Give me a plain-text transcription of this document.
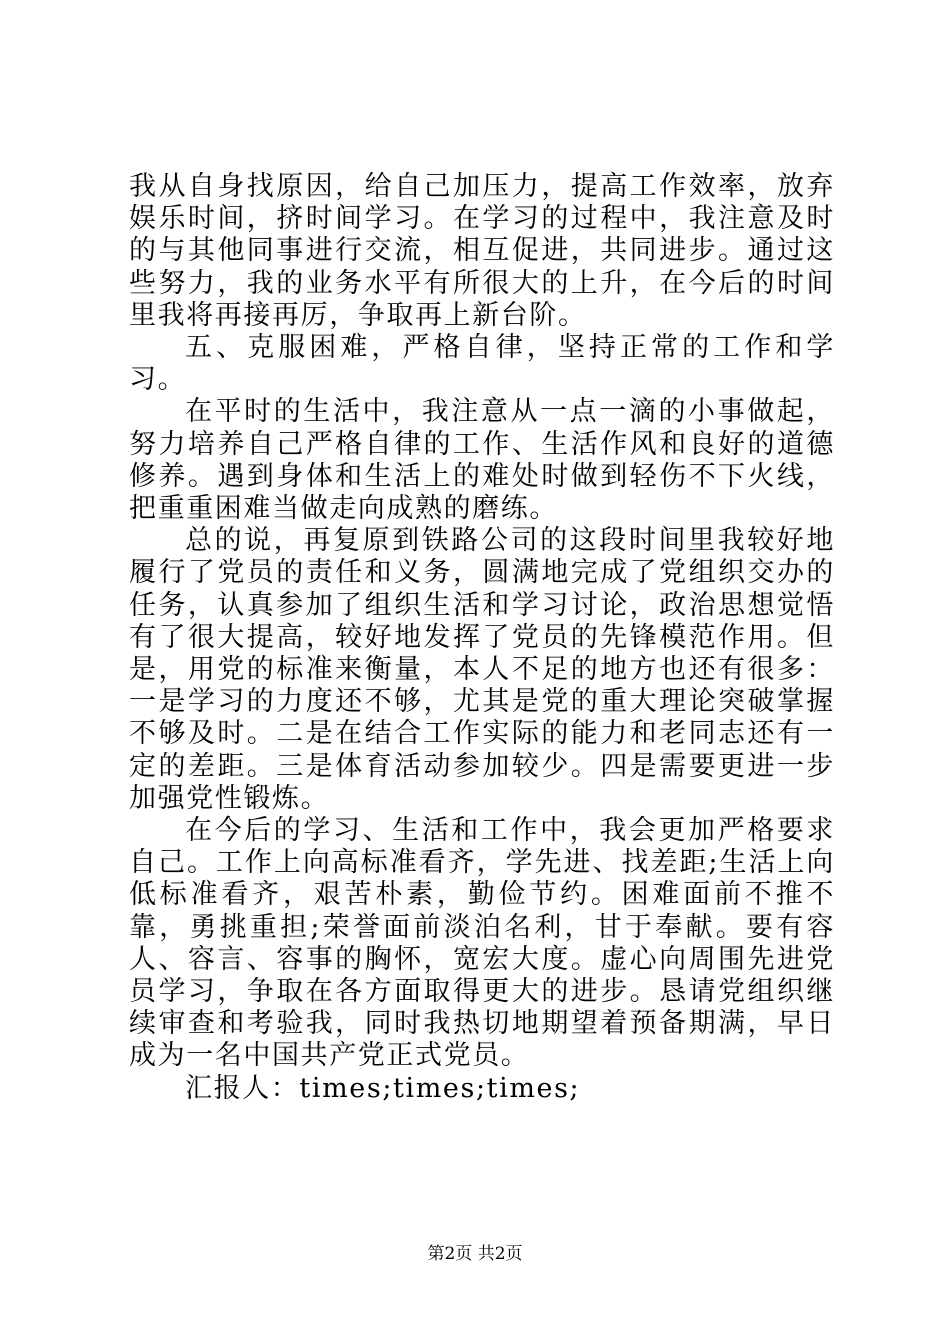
我从自身找原因，给自己加压力，提高工作效率，放弃娱乐时间，挤时间学习。在学习的过程中，我注意及时的与其他同事进行交流，相互促进，共同进步。通过这些努力，我的业务水平有所很大的上升，在今后的时间里我将再接再厉，争取再上新台阶。

五、克服困难，严格自律，坚持正常的工作和学习。

在平时的生活中，我注意从一点一滴的小事做起，努力培养自己严格自律的工作、生活作风和良好的道德修养。遇到身体和生活上的难处时做到轻伤不下火线，把重重困难当做走向成熟的磨练。

总的说，再复原到铁路公司的这段时间里我较好地履行了党员的责任和义务，圆满地完成了党组织交办的任务，认真参加了组织生活和学习讨论，政治思想觉悟有了很大提高，较好地发挥了党员的先锋模范作用。但是，用党的标准来衡量，本人不足的地方也还有很多：一是学习的力度还不够，尤其是党的重大理论突破掌握不够及时。二是在结合工作实际的能力和老同志还有一定的差距。三是体育活动参加较少。四是需要更进一步加强党性锻炼。

在今后的学习、生活和工作中，我会更加严格要求自己。工作上向高标准看齐，学先进、找差距;生活上向低标准看齐，艰苦朴素，勤俭节约。困难面前不推不靠，勇挑重担;荣誉面前淡泊名利，甘于奉献。要有容人、容言、容事的胸怀，宽宏大度。虚心向周围先进党员学习，争取在各方面取得更大的进步。恳请党组织继续审查和考验我，同时我热切地期望着预备期满，早日成为一名中国共产党正式党员。

汇报人：times;times;times;

第2页 共2页
